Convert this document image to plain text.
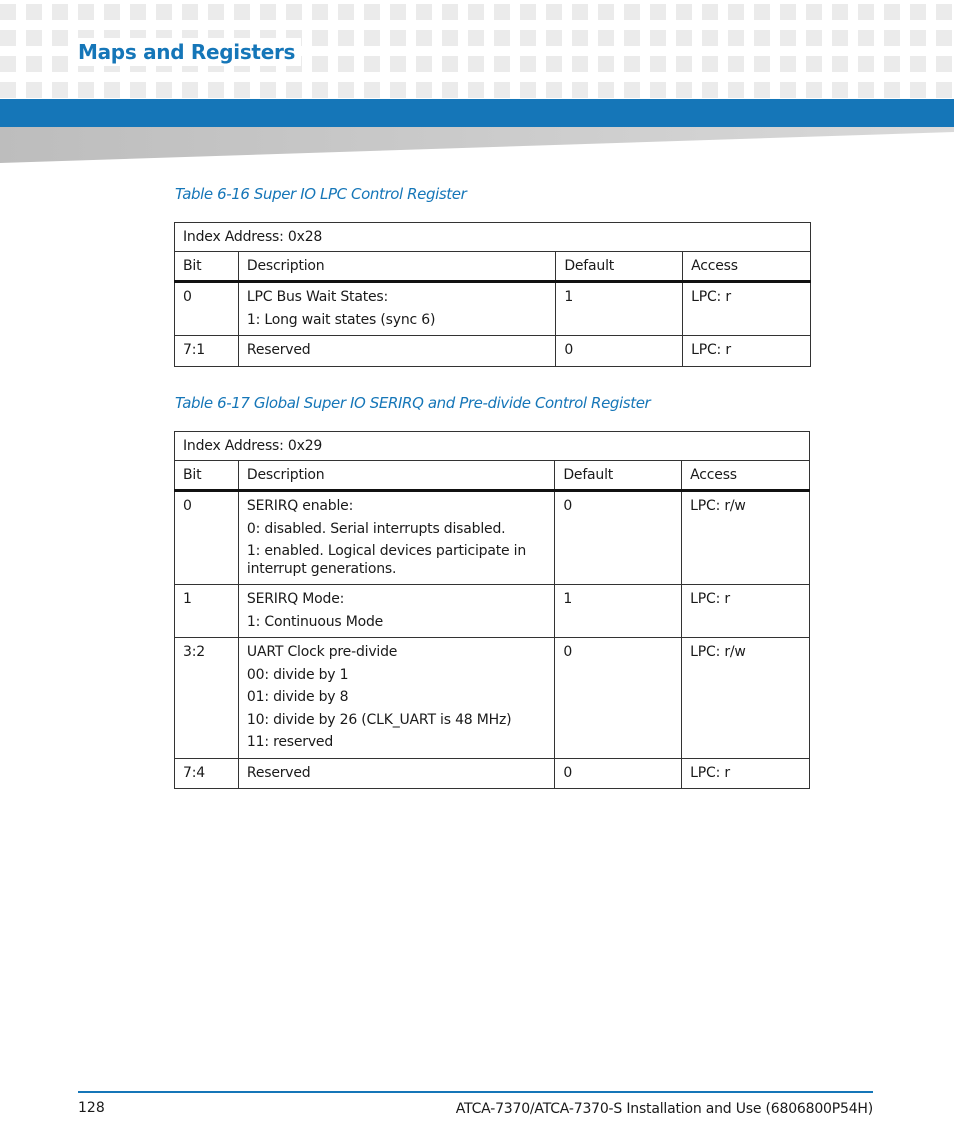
Maps and Registers

Table 6-16 Super IO LPC Control Register

Index Address: 0x28			
Bit	Description	Default	Access
0	LPC Bus Wait States:
1: Long wait states (sync 6)	1	LPC: r
7:1	Reserved	0	LPC: r

Table 6-17 Global Super IO SERIRQ and Pre-divide Control Register

Index Address: 0x29			
Bit	Description	Default	Access
0	SERIRQ enable:
0: disabled. Serial interrupts disabled.
1: enabled. Logical devices participate in interrupt generations.	0	LPC: r/w
1	SERIRQ Mode:
1: Continuous Mode	1	LPC: r
3:2	UART Clock pre-divide
00: divide by 1
01: divide by 8
10: divide by 26 (CLK_UART is 48 MHz)
11: reserved	0	LPC: r/w
7:4	Reserved	0	LPC: r
128	ATCA-7370/ATCA-7370-S Installation and Use (6806800P54H)
